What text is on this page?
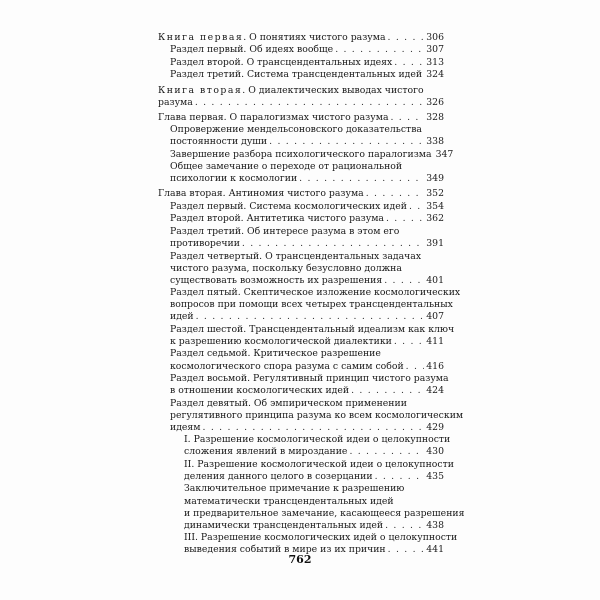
Книга первая. О понятиях чистого разума . . .	306
Раздел первый. Об идеях вообще . . .	307
Раздел второй. О трансцендентальных идеях . . .	313
Раздел третий. Система трансцендентальных идей . . . 324
Книга вторая. О диалектических выводах чистого
разума . . .	326
Глава первая. О паралогизмах чистого разума . . .	328
Опровержение мендельсоновского доказательства
постоянности души . . .	338
Завершение разбора психологического паралогизма 347
Общее замечание о переходе от рациональной
психологии к космологии . . .	349
Глава вторая. Антиномия чистого разума . . .	352
Раздел первый. Система космологических идей . . . 354
Раздел второй. Антитетика чистого разума . . .	362
Раздел третий. Об интересе разума в этом его
противоречии . . .	391
Раздел четвертый. О трансцендентальных задачах
чистого разума, поскольку безусловно должна
существовать возможность их разрешения . . .	401
Раздел пятый. Скептическое изложение космологических
вопросов при помощи всех четырех трансцендентальных
идей . . .	407
Раздел шестой. Трансцендентальный идеализм как ключ
к разрешению космологической диалектики . . .	411
Раздел седьмой. Критическое разрешение
космологического спора разума с самим собой . . . 416
Раздел восьмой. Регулятивный принцип чистого разума
в отношении космологических идей . . .	424
Раздел девятый. Об эмпирическом применении
регулятивного принципа разума ко всем космологическим
идеям . . .	429
I. Разрешение космологической идеи о целокупности
сложения явлений в мироздание . . .	430
II. Разрешение космологической идеи о целокупности
деления данного целого в созерцании . . .	435
Заключительное примечание к разрешению
математически трансцендентальных идей
и предварительное замечание, касающееся разрешения
динамически трансцендентальных идей . . .	438
III. Разрешение космологических идей о целокупности
выведения событий в мире из их причин . . .	441
762
